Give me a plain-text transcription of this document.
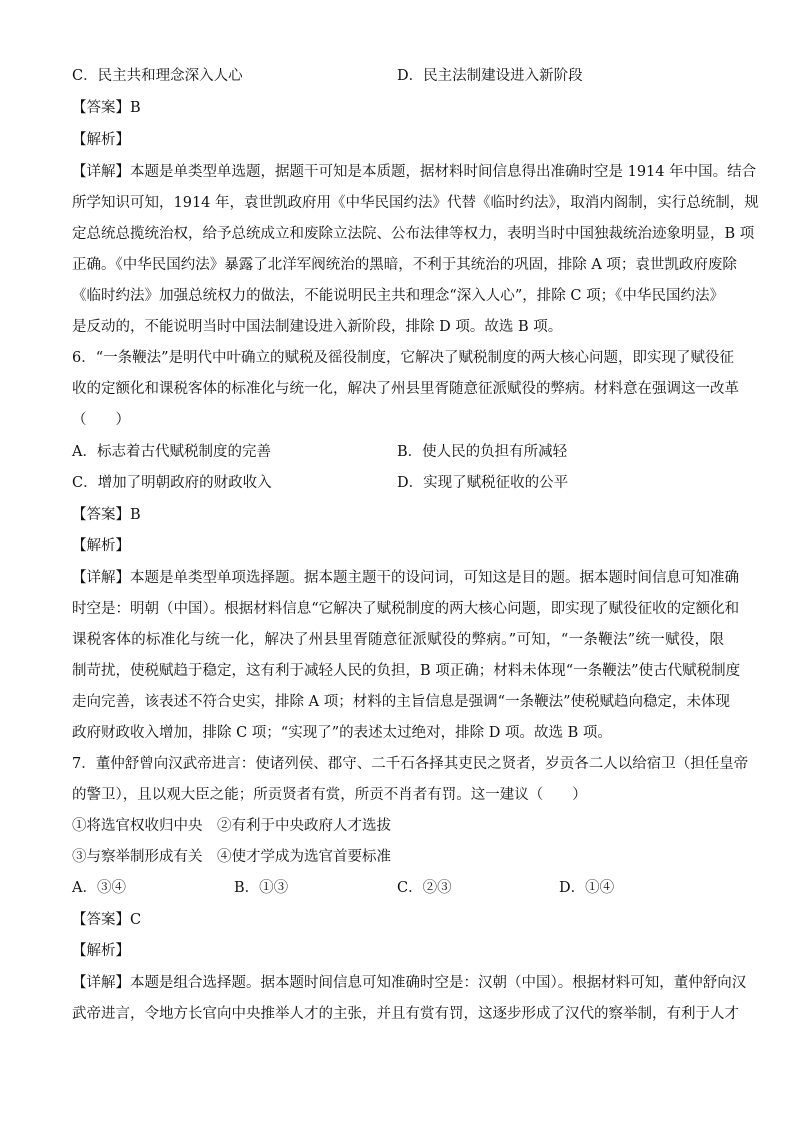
C．民主共和理念深入人心	D．民主法制建设进入新阶段
【答案】B
【解析】
【详解】本题是单类型单选题，据题干可知是本质题，据材料时间信息得出准确时空是 1914 年中国。结合
所学知识可知，1914 年，袁世凯政府用《中华民国约法》代替《临时约法》，取消内阁制，实行总统制，规
定总统总揽统治权，给予总统成立和废除立法院、公布法律等权力，表明当时中国独裁统治迹象明显，B 项
正确。《中华民国约法》暴露了北洋军阀统治的黑暗，不利于其统治的巩固，排除 A 项；袁世凯政府废除
《临时约法》加强总统权力的做法，不能说明民主共和理念“深入人心”，排除 C 项；《中华民国约法》
是反动的，不能说明当时中国法制建设进入新阶段，排除 D 项。故选 B 项。
6．“一条鞭法”是明代中叶确立的赋税及徭役制度，它解决了赋税制度的两大核心问题，即实现了赋役征
收的定额化和课税客体的标准化与统一化，解决了州县里胥随意征派赋役的弊病。材料意在强调这一改革
（　　）
A．标志着古代赋税制度的完善	B．使人民的负担有所减轻
C．增加了明朝政府的财政收入	D．实现了赋税征收的公平
【答案】B
【解析】
【详解】本题是单类型单项选择题。据本题主题干的设问词，可知这是目的题。据本题时间信息可知准确
时空是：明朝（中国）。根据材料信息“它解决了赋税制度的两大核心问题，即实现了赋役征收的定额化和
课税客体的标准化与统一化，解决了州县里胥随意征派赋役的弊病。”可知，“一条鞭法”统一赋役，限
制苛扰，使税赋趋于稳定，这有利于减轻人民的负担，B 项正确；材料未体现“一条鞭法”使古代赋税制度
走向完善，该表述不符合史实，排除 A 项；材料的主旨信息是强调“一条鞭法”使税赋趋向稳定，未体现
政府财政收入增加，排除 C 项；“实现了”的表述太过绝对，排除 D 项。故选 B 项。
7．董仲舒曾向汉武帝进言：使诸列侯、郡守、二千石各择其吏民之贤者，岁贡各二人以给宿卫（担任皇帝
的警卫），且以观大臣之能；所贡贤者有赏，所贡不肖者有罚。这一建议（　　）
①将选官权收归中央　②有利于中央政府人才选拔
③与察举制形成有关　④使才学成为选官首要标准
A．③④	B．①③	C．②③	D．①④
【答案】C
【解析】
【详解】本题是组合选择题。据本题时间信息可知准确时空是：汉朝（中国）。根据材料可知，董仲舒向汉
武帝进言，令地方长官向中央推举人才的主张，并且有赏有罚，这逐步形成了汉代的察举制，有利于人才
